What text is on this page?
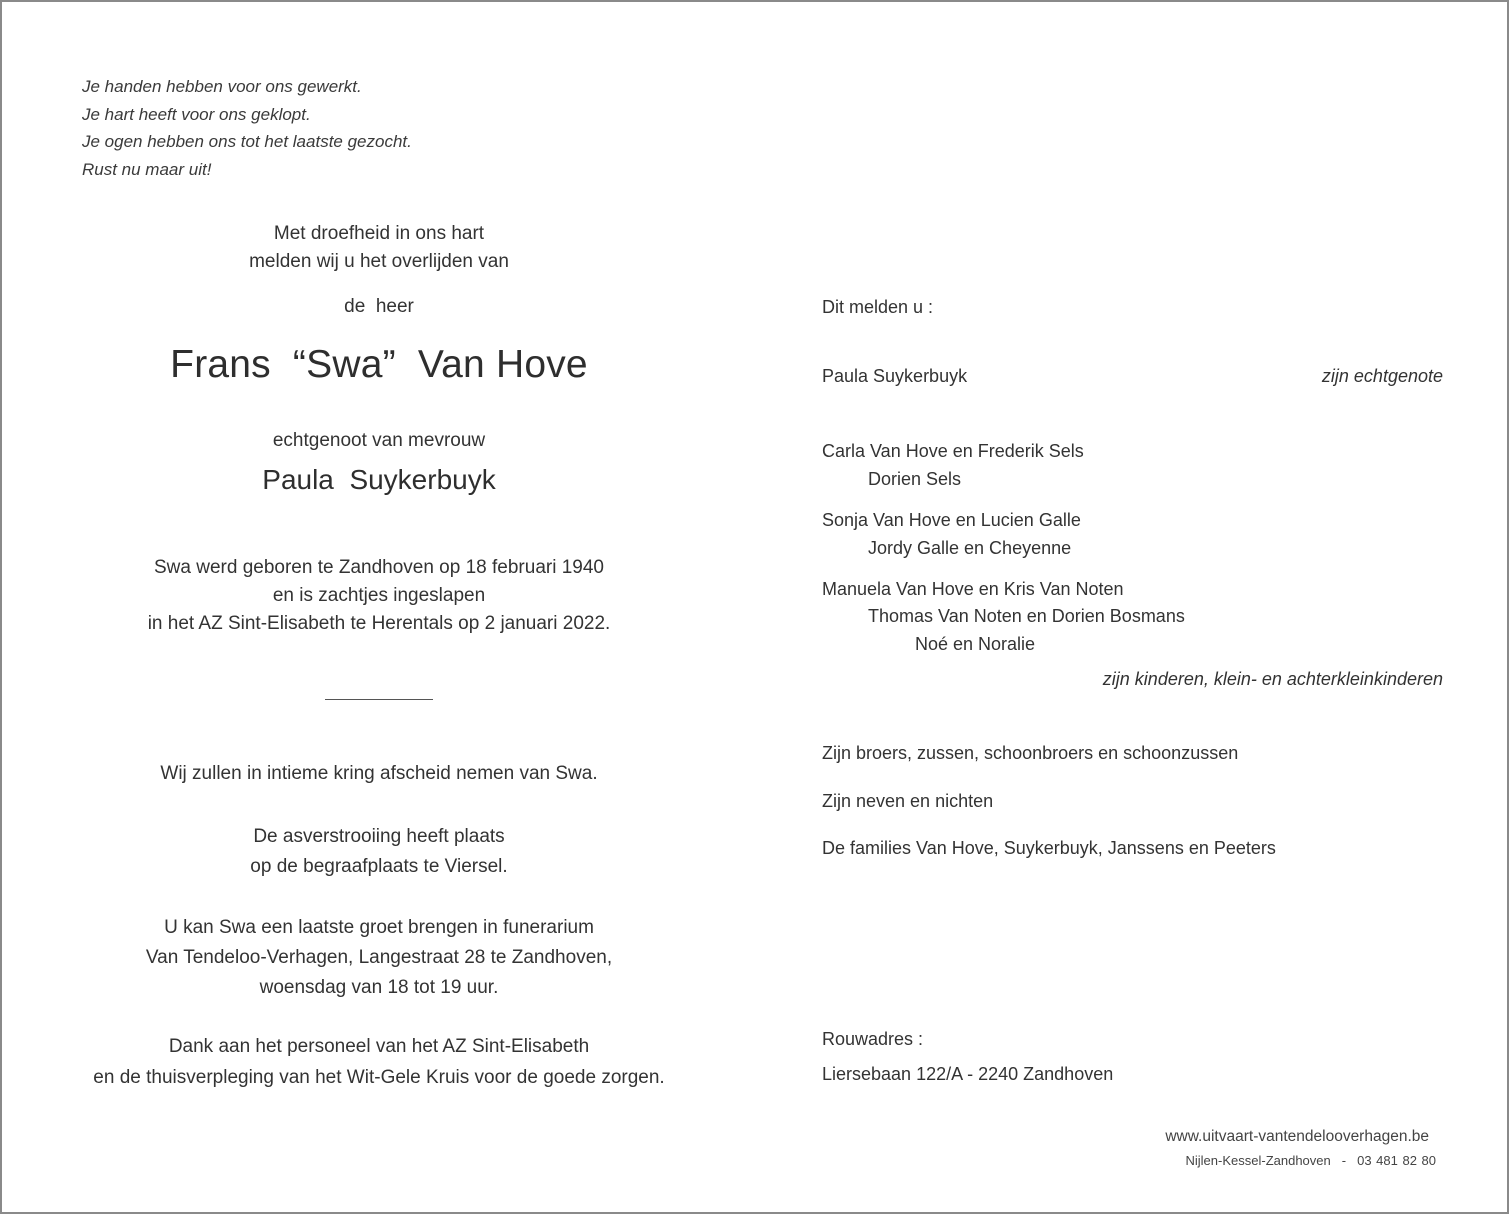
Je handen hebben voor ons gewerkt.
Je hart heeft voor ons geklopt.
Je ogen hebben ons tot het laatste gezocht.
Rust nu maar uit!
Met droefheid in ons hart
melden wij u het overlijden van
de  heer
Frans  “Swa”  Van Hove
echtgenoot van mevrouw
Paula  Suykerbuyk
Swa werd geboren te Zandhoven op 18 februari 1940
en is zachtjes ingeslapen
in het AZ Sint-Elisabeth te Herentals op 2 januari 2022.
Wij zullen in intieme kring afscheid nemen van Swa.
De asverstrooiing heeft plaats
op de begraafplaats te Viersel.
U kan Swa een laatste groet brengen in funerarium
Van Tendeloo-Verhagen, Langestraat 28 te Zandhoven,
woensdag van 18 tot 19 uur.
Dank aan het personeel van het AZ Sint-Elisabeth
en de thuisverpleging van het Wit-Gele Kruis voor de goede zorgen.
Dit melden u :
Paula Suykerbuyk	zijn echtgenote
Carla Van Hove en Frederik Sels
Dorien Sels
Sonja Van Hove en Lucien Galle
Jordy Galle en Cheyenne
Manuela Van Hove en Kris Van Noten
Thomas Van Noten en Dorien Bosmans
Noé en Noralie
zijn kinderen, klein- en achterkleinkinderen
Zijn broers, zussen, schoonbroers en schoonzussen
Zijn neven en nichten
De families Van Hove, Suykerbuyk, Janssens en Peeters
Rouwadres :
Liersebaan 122/A - 2240 Zandhoven
www.uitvaart-vantendelooverhagen.be
Nijlen-Kessel-Zandhoven - 03 481 82 80
